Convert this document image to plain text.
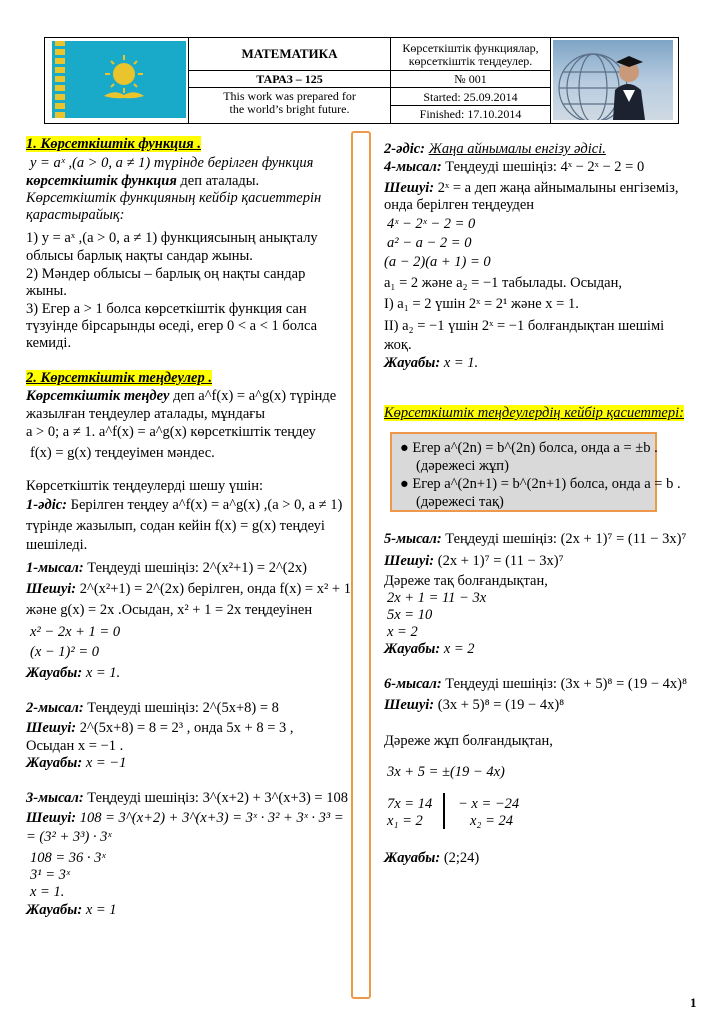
МАТЕМАТИКА	Көрсеткіштік функциялар,
көрсеткіштік теңдеулер.
ТАРАЗ – 125	№ 001
This work was prepared for
the world’s bright future.
Started: 25.09.2014
Finished: 17.10.2014
1. Көрсеткіштік функция .
y = aˣ ,(a > 0, a ≠ 1) түрінде берілген функция
көрсеткіштік функция деп аталады.
Көрсеткіштік функцияның кейбір қасиеттерін
қарастырайық:
1) y = aˣ ,(a > 0, a ≠ 1) функциясының анықталу
облысы барлық нақты сандар жыны.
2) Мәндер облысы – барлық оң нақты сандар
жыны.
3) Егер a > 1 болса көрсеткіштік функция сан
түзуінде бірсарынды өседі, егер 0 < a < 1 болса
кемиді.
2. Көрсеткіштік теңдеулер .
Көрсеткіштік теңдеу деп a^f(x) = a^g(x) түрінде
жазылған теңдеулер аталады, мұндағы
a > 0; a ≠ 1. a^f(x) = a^g(x) көрсеткіштік теңдеу
f(x) = g(x) теңдеуімен мәндес.
Көрсеткіштік теңдеулерді шешу үшін:
1-әдіс: Берілген теңдеу a^f(x) = a^g(x) ,(a > 0, a ≠ 1)
түрінде жазылып, содан кейін f(x) = g(x) теңдеуі
шешіледі.
1-мысал: Теңдеуді шешіңіз: 2^(x²+1) = 2^(2x)
Шешуі: 2^(x²+1) = 2^(2x) берілген, онда f(x) = x² + 1
және g(x) = 2x .Осыдан, x² + 1 = 2x теңдеуінен
x² − 2x + 1 = 0
(x − 1)² = 0
Жауабы: x = 1.
2-мысал: Теңдеуді шешіңіз: 2^(5x+8) = 8
Шешуі: 2^(5x+8) = 8 = 2³ , онда 5x + 8 = 3 ,
Осыдан x = −1 .
Жауабы: x = −1
3-мысал: Теңдеуді шешіңіз: 3^(x+2) + 3^(x+3) = 108
Шешуі: 108 = 3^(x+2) + 3^(x+3) = 3ˣ · 3² + 3ˣ · 3³ =
= (3² + 3³) · 3ˣ
108 = 36 · 3ˣ
3¹ = 3ˣ
x = 1.
Жауабы: x = 1
2-әдіс: Жаңа айнымалы енгізу әдісі.
4-мысал: Теңдеуді шешіңіз: 4ˣ − 2ˣ − 2 = 0
Шешуі: 2ˣ = a деп жаңа айнымалыны енгіземіз,
онда берілген теңдеуден
4ˣ − 2ˣ − 2 = 0
a² − a − 2 = 0
(a − 2)(a + 1) = 0
a₁ = 2 және a₂ = −1 табылады. Осыдан,
I) a₁ = 2 үшін 2ˣ = 2¹ және x = 1.
II) a₂ = −1 үшін 2ˣ = −1 болғандықтан шешімі
жоқ.
Жауабы: x = 1.
Көрсеткіштік теңдеулердің кейбір қасиеттері:
● Егер a^(2n) = b^(2n) болса, онда a = ±b .
(дәрежесі жұп)
● Егер a^(2n+1) = b^(2n+1) болса, онда a = b .
(дәрежесі тақ)
5-мысал: Теңдеуді шешіңіз: (2x + 1)⁷ = (11 − 3x)⁷
Шешуі: (2x + 1)⁷ = (11 − 3x)⁷
Дәреже тақ болғандықтан,
2x + 1 = 11 − 3x
5x = 10
x = 2
Жауабы: x = 2
6-мысал: Теңдеуді шешіңіз: (3x + 5)⁸ = (19 − 4x)⁸
Шешуі: (3x + 5)⁸ = (19 − 4x)⁸
Дәреже жұп болғандықтан,
3x + 5 = ±(19 − 4x)
7x = 14
x₁ = 2
− x = −24
x₂ = 24
Жауабы: (2;24)
1
